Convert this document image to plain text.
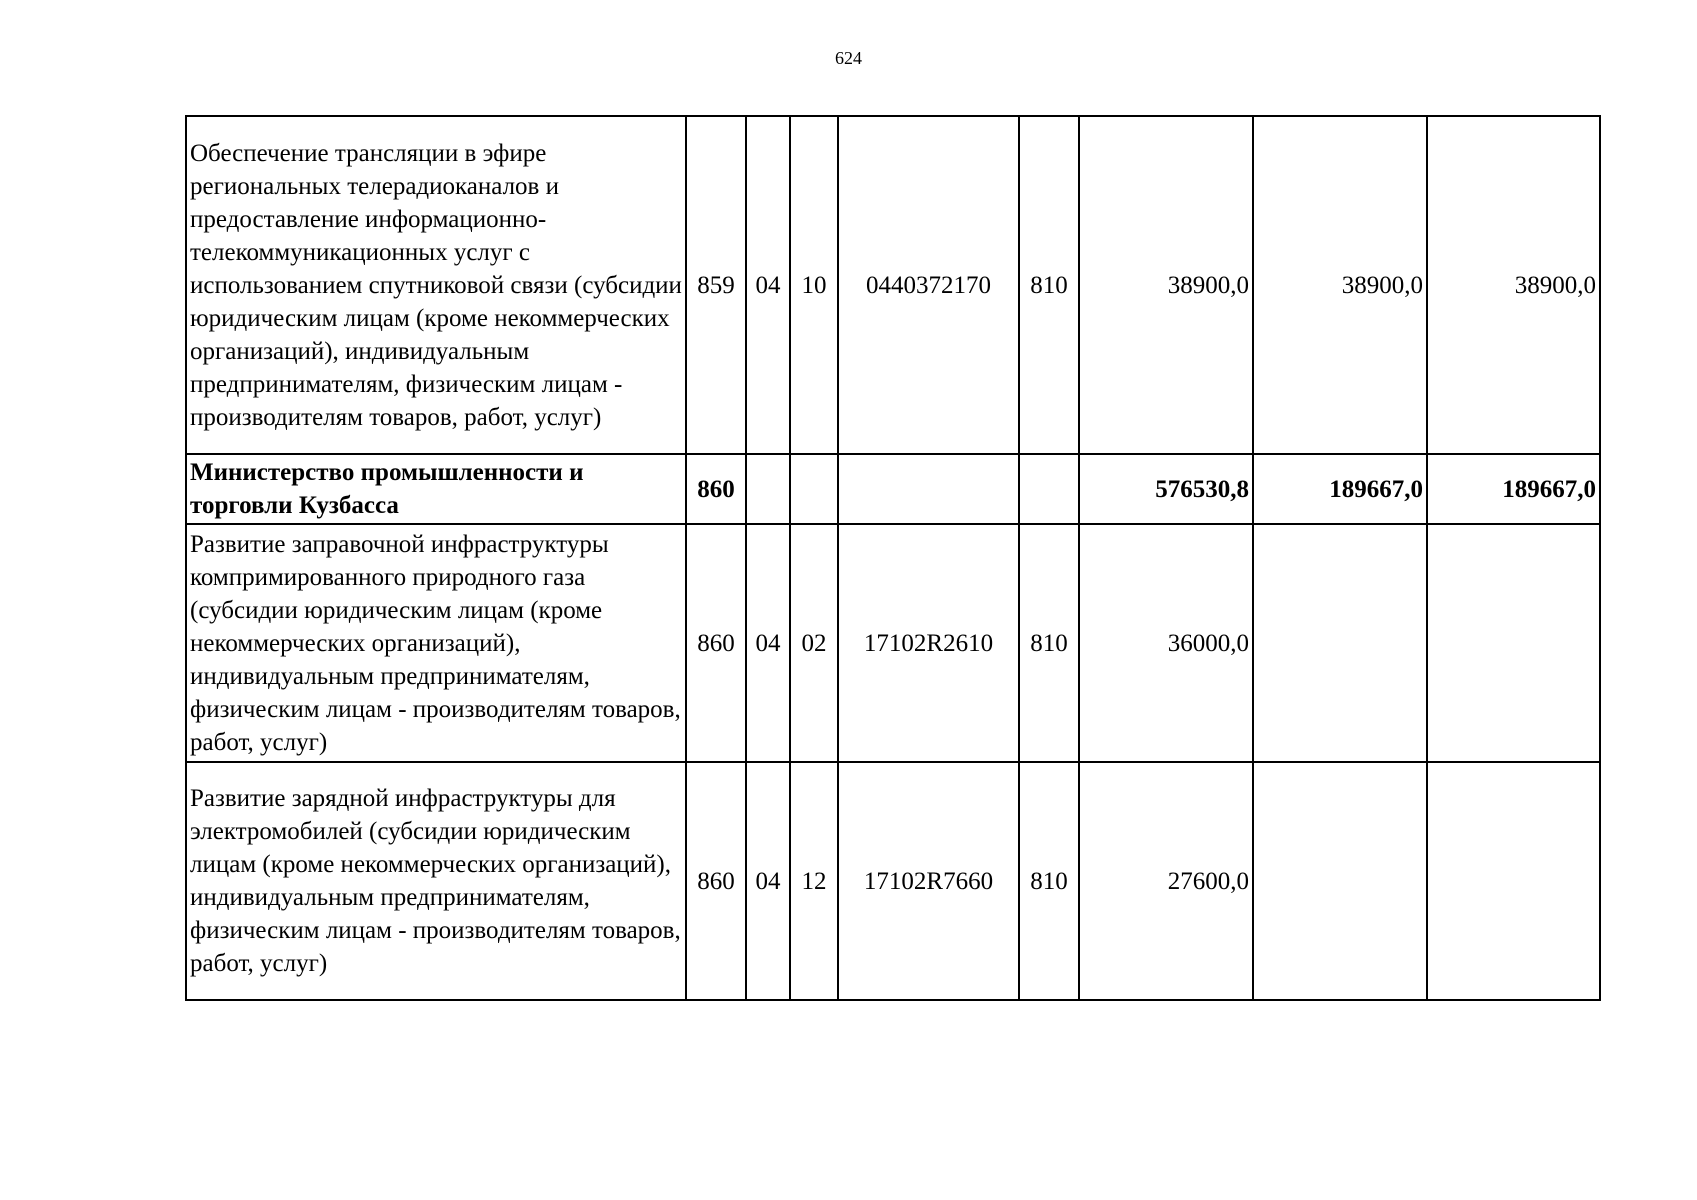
624
Обеспечение трансляции в эфире региональных телерадиоканалов и предоставление информационно-телекоммуникационных услуг с использованием спутниковой связи (субсидии юридическим лицам (кроме некоммерческих организаций), индивидуальным предпринимателям, физическим лицам - производителям товаров, работ, услуг)	859	04	10	0440372170	810	38900,0	38900,0	38900,0
Министерство промышленности и торговли Кузбасса	860					576530,8	189667,0	189667,0
Развитие заправочной инфраструктуры компримированного природного газа (субсидии юридическим лицам (кроме некоммерческих организаций), индивидуальным предпринимателям, физическим лицам - производителям товаров, работ, услуг)	860	04	02	17102R2610	810	36000,0		
Развитие зарядной инфраструктуры для электромобилей (субсидии юридическим лицам (кроме некоммерческих организаций), индивидуальным предпринимателям, физическим лицам - производителям товаров, работ, услуг)	860	04	12	17102R7660	810	27600,0		
